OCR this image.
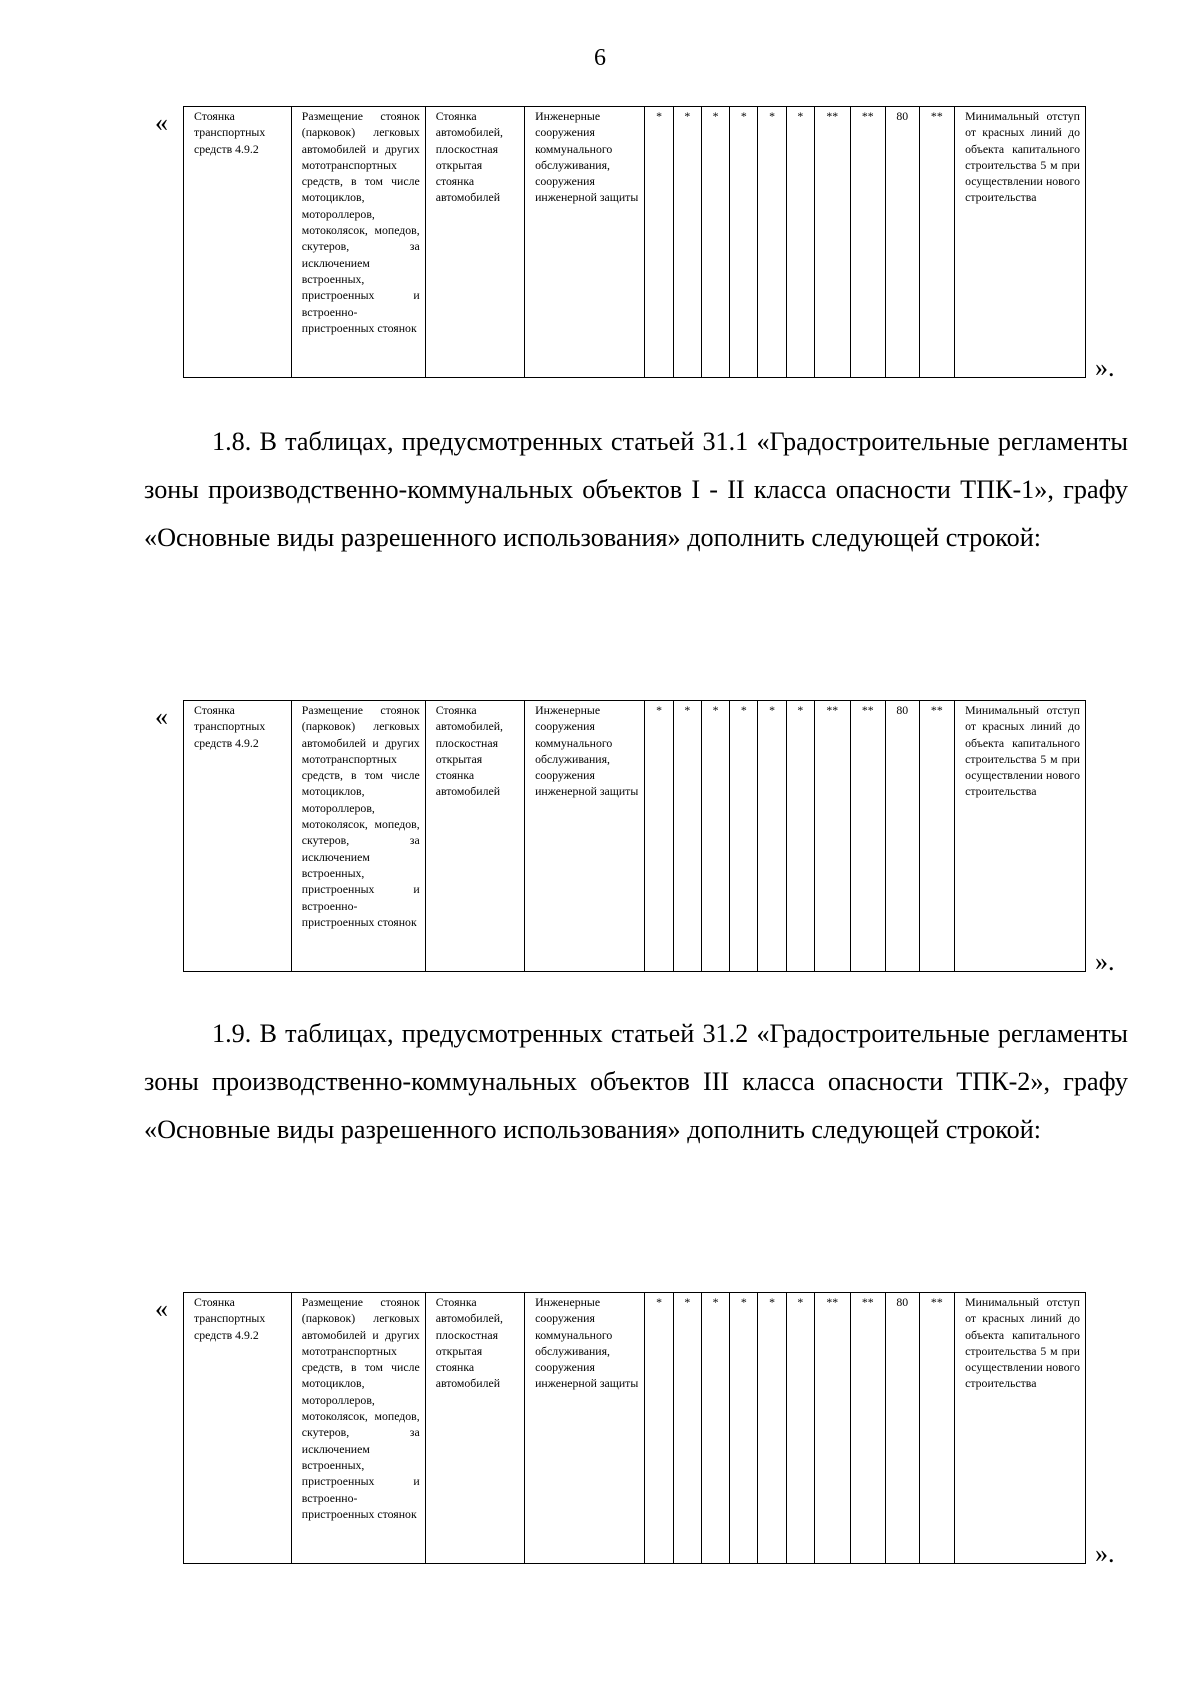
6
« Стоянка транспортных средств 4.9.2	Размещение стоянок (парковок) легковых автомобилей и других мототранспортных средств, в том числе мотоциклов, мотороллеров, мотоколясок, мопедов, скутеров, за исключением встроенных, пристроенных и встроенно-пристроенных стоянок	Стоянка автомобилей, плоскостная открытая стоянка автомобилей	Инженерные сооружения коммунального обслуживания, сооружения инженерной защиты	*	*	*	*	*	*	**	**	80	**	Минимальный отступ от красных линий до объекта капитального строительства 5 м при осуществлении нового строительства
».

1.8. В таблицах, предусмотренных статьей 31.1 «Градостроительные регламенты зоны производственно-коммунальных объектов I - II класса опасности ТПК-1», графу «Основные виды разрешенного использования» дополнить следующей строкой:

« Стоянка транспортных средств 4.9.2	Размещение стоянок (парковок) легковых автомобилей и других мототранспортных средств, в том числе мотоциклов, мотороллеров, мотоколясок, мопедов, скутеров, за исключением встроенных, пристроенных и встроенно-пристроенных стоянок	Стоянка автомобилей, плоскостная открытая стоянка автомобилей	Инженерные сооружения коммунального обслуживания, сооружения инженерной защиты	*	*	*	*	*	*	**	**	80	**	Минимальный отступ от красных линий до объекта капитального строительства 5 м при осуществлении нового строительства
».

1.9. В таблицах, предусмотренных статьей 31.2 «Градостроительные регламенты зоны производственно-коммунальных объектов III класса опасности ТПК-2», графу «Основные виды разрешенного использования» дополнить следующей строкой:

« Стоянка транспортных средств 4.9.2	Размещение стоянок (парковок) легковых автомобилей и других мототранспортных средств, в том числе мотоциклов, мотороллеров, мотоколясок, мопедов, скутеров, за исключением встроенных, пристроенных и встроенно-пристроенных стоянок	Стоянка автомобилей, плоскостная открытая стоянка автомобилей	Инженерные сооружения коммунального обслуживания, сооружения инженерной защиты	*	*	*	*	*	*	**	**	80	**	Минимальный отступ от красных линий до объекта капитального строительства 5 м при осуществлении нового строительства
».
